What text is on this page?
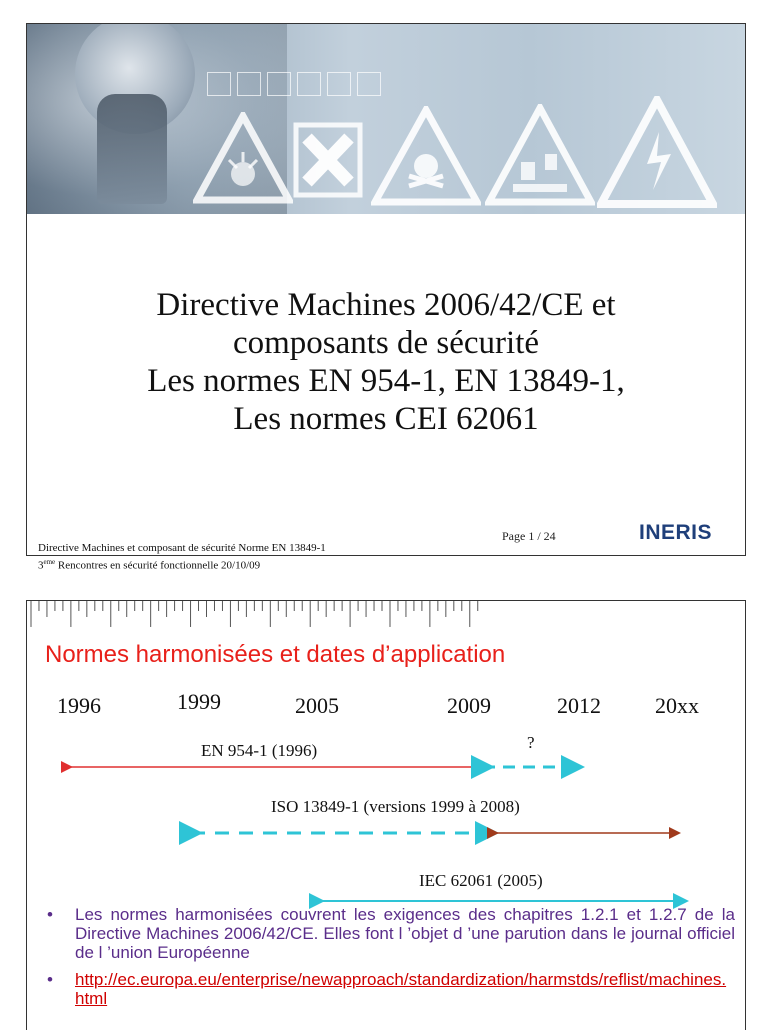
Directive Machines 2006/42/CE et
composants de sécurité
Les normes EN 954-1, EN 13849-1,
Les normes CEI 62061
Page 1 / 24	INERIS
Directive Machines et composant de sécurité Norme EN 13849-1
3eme Rencontres en sécurité fonctionnelle 20/10/09
Normes harmonisées et dates d’application
1996	1999	2005	2009	2012 20xx
EN 954-1 (1996)	?
ISO 13849-1 (versions 1999 à 2008)
IEC 62061 (2005)
• Les normes harmonisées couvrent les exigences des chapitres 1.2.1 et 1.2.7 de la Directive Machines 2006/42/CE. Elles font l ’objet d ’une parution dans le journal officiel de l ’union Européenne
• http://ec.europa.eu/enterprise/newapproach/standardization/harmstds/reflist/machines.html
